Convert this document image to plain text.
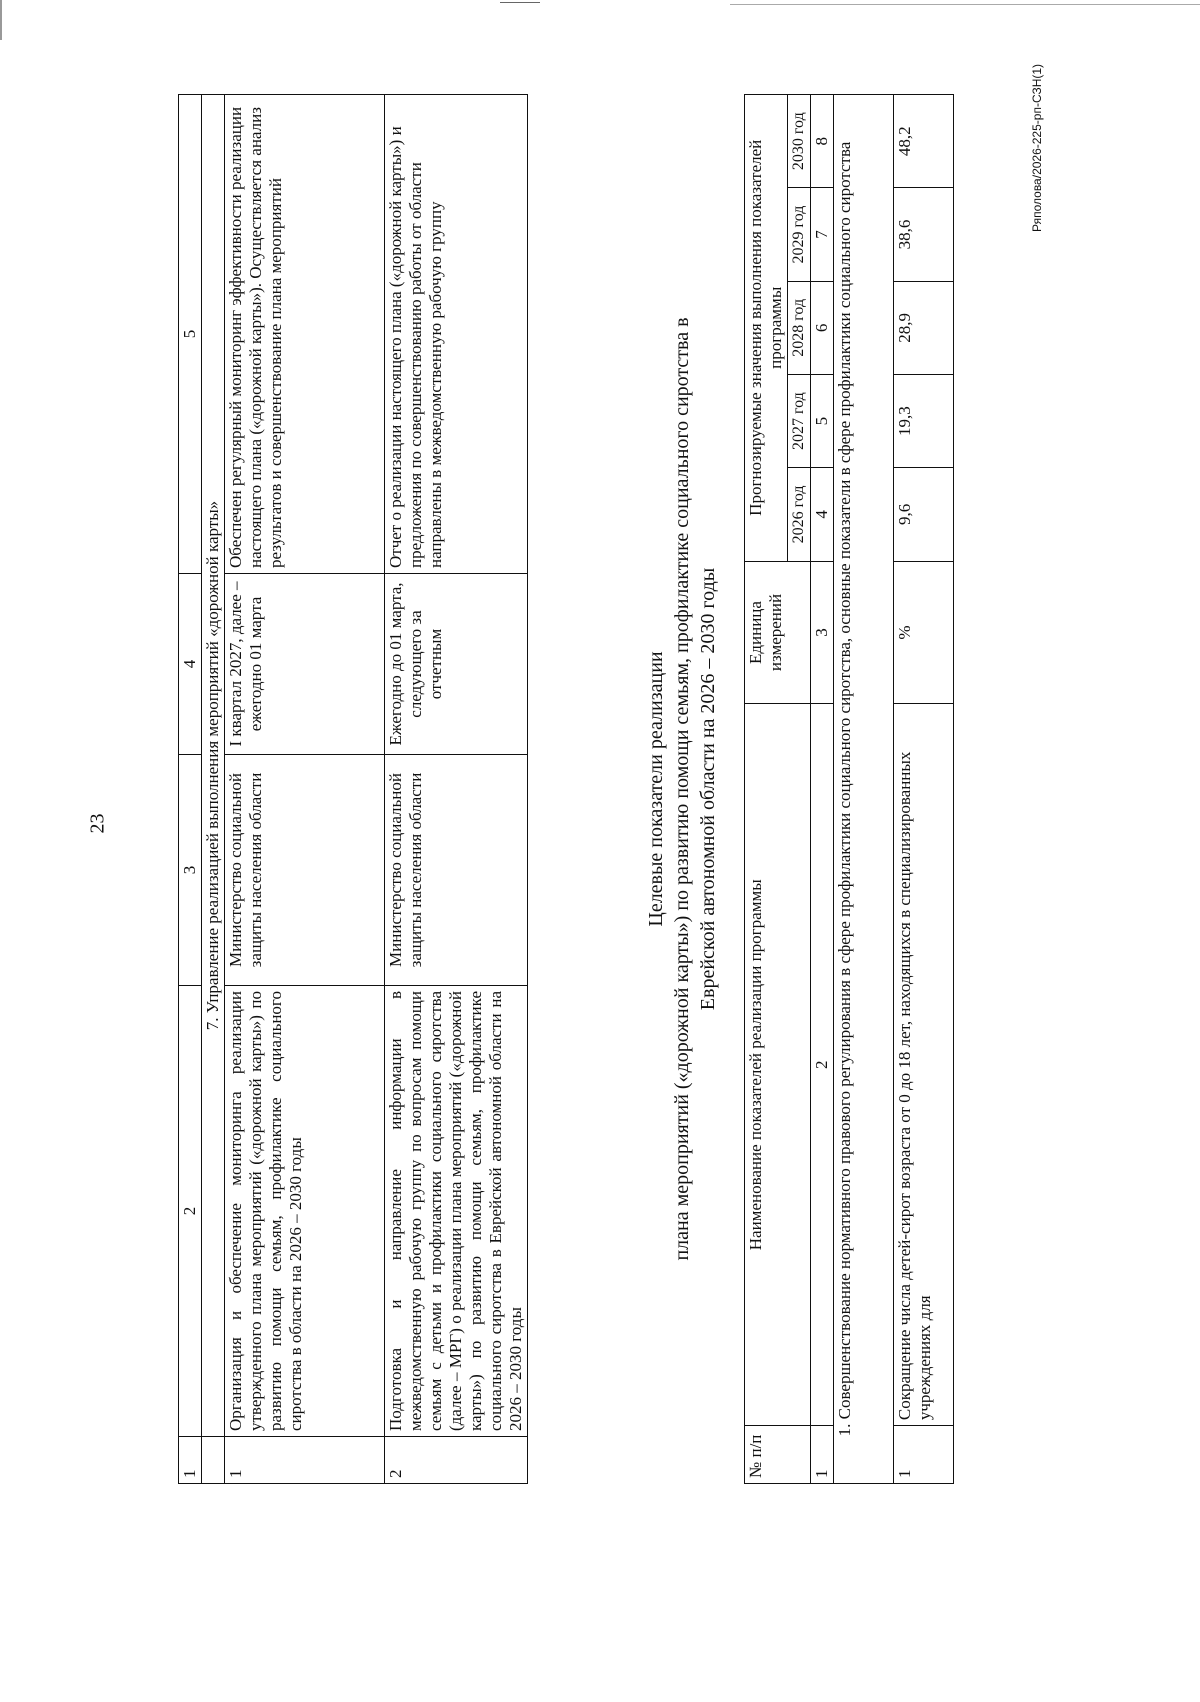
23
Ряполова/2026-225-рп-СЗН(1)
1	2	3	4	5
	7. Управление реализацией выполнения мероприятий «дорожной карты»			
1	Организация и обеспечение мониторинга реализации утвержденного плана мероприятий («дорожной карты») по развитию помощи семьям, профилактике социального сиротства в области на 2026 – 2030 годы	Министерство социальной защиты населения области	I квартал 2027, далее – ежегодно 01 марта	Обеспечен регулярный мониторинг эффективности реализации настоящего плана («дорожной карты»). Осуществляется анализ результатов и совершенствование плана мероприятий
2	Подготовка и направление информации в межведомственную рабочую группу по вопросам помощи семьям с детьми и профилактики социального сиротства (далее – МРГ) о реализации плана мероприятий («дорожной карты») по развитию помощи семьям, профилактике социального сиротства в Еврейской автономной области на 2026 – 2030 годы	Министерство социальной защиты населения области	Ежегодно до 01 марта, следующего за отчетным	Отчет о реализации настоящего плана («дорожной карты») и предложения по совершенствованию работы от области направлены в межведомственную рабочую группу
Целевые показатели реализации плана мероприятий («дорожной карты») по развитию помощи семьям, профилактике социального сиротства в Еврейской автономной области на 2026 – 2030 годы
№ п/п	Наименование показателей реализации программы	Единица измерений	Прогнозируемые значения выполнения показателей программы				
			2026 год	2027 год	2028 год	2029 год	2030 год
1	2	3	4	5	6	7	8
1. Совершенствование нормативного правового регулирования в сфере профилактики социального сиротства, основные показатели в сфере профилактики социального сиротства							
1	Сокращение числа детей-сирот возраста от 0 до 18 лет, находящихся в специализированных учреждениях для	%	9,6	19,3	28,9	38,6	48,2
